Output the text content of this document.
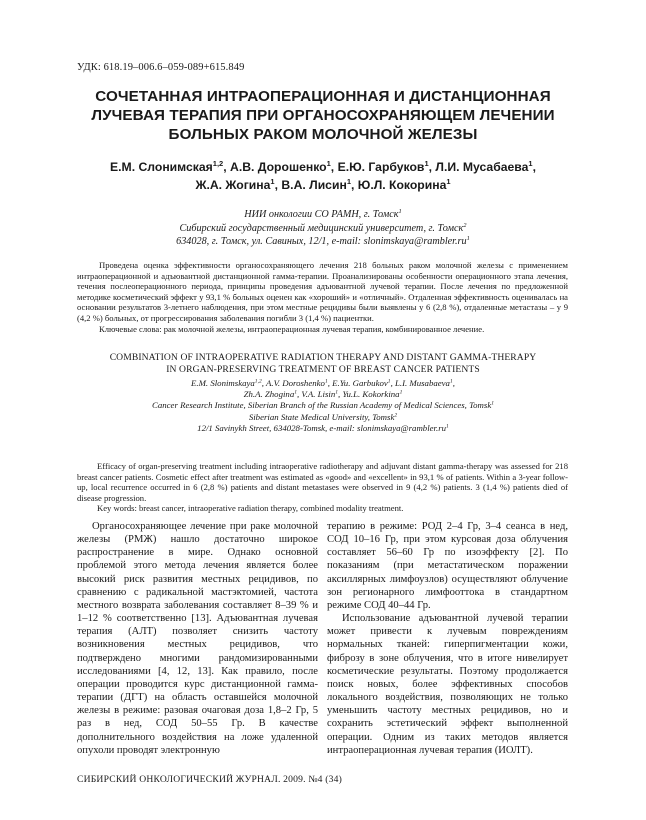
УДК: 618.19–006.6–059-089+615.849
СОЧЕТАННАЯ ИНТРАОПЕРАЦИОННАЯ И ДИСТАНЦИОННАЯ
ЛУЧЕВАЯ ТЕРАПИЯ ПРИ ОРГАНОСОХРАНЯЮЩЕМ ЛЕЧЕНИИ
БОЛЬНЫХ РАКОМ МОЛОЧНОЙ ЖЕЛЕЗЫ
Е.М. Слонимская$^{1,2}$, А.В. Дорошенко$^1$, Е.Ю. Гарбуков$^1$, Л.И. Мусабаева$^1$,
Ж.А. Жогина$^1$, В.А. Лисин$^1$, Ю.Л. Кокорина$^1$
НИИ онкологии СО РАМН, г. Томск$^1$
Сибирский государственный медицинский университет, г. Томск$^2$
634028, г. Томск, ул. Савиных, 12/1, e-mail: $slonimskaya@rambler.ru^1$

Проведена оценка эффективности органосохраняющего лечения 218 больных раком молочной железы с применением интраоперационной и адъювантной дистанционной гамма-терапии. Проанализированы особенности операционного этапа лечения, течения послеоперационного периода, принципы проведения адъювантной лучевой терапии. После лечения по предложенной методике косметический эффект у 93,1 % больных оценен как «хороший» и «отличный». Отдаленная эффективность оценивалась на основании результатов 3-летнего наблюдения, при этом местные рецидивы были выявлены у 6 (2,8 %), отдаленные метастазы – у 9 (4,2 %) больных, от прогрессирования заболевания погибли 3 (1,4 %) пациентки.

Ключевые слова: рак молочной железы, интраоперационная лучевая терапия, комбинированное лечение.

COMBINATION OF INTRAOPERATIVE RADIATION THERAPY AND DISTANT GAMMA-THERAPY
IN ORGAN-PRESERVING TREATMENT OF BREAST CANCER PATIENTS
E.M. Slonimskaya$^{1,2}$, A.V. Doroshenko$^1$, E.Yu. Garbukov$^1$, L.I. Musabaeva$^1$,
Zh.A. Zhogina$^1$, V.A. Lisin$^1$, Yu.L. Kokorkina$^1$
Cancer Research Institute, Siberian Branch of the Russian Academy of Medical Sciences, Tomsk$^1$
Siberian State Medical University, Tomsk$^2$
12/1 Savinykh Street, 634028-Tomsk, e-mail: $slonimskaya@rambler.ru^1$

Efficacy of organ-preserving treatment including intraoperative radiotherapy and adjuvant distant gamma-therapy was assessed for 218 breast cancer patients. Cosmetic effect after treatment was estimated as «good» and «excellent» in 93,1 % of patients. Within a 3-year follow-up, local recurrence occurred in 6 (2,8 %) patients and distant metastases were observed in 9 (4,2 %) patients. 3 (1,4 %) patients died of disease progression.

Key words: breast cancer, intraoperative radiation therapy, combined modality treatment.

Органосохраняющее лечение при раке молочной железы (РМЖ) нашло достаточно широкое распространение в мире. Однако основной проблемой этого метода лечения является более высокий риск развития местных рецидивов, по сравнению с радикальной мастэктомией, частота местного возврата заболевания составляет 8–39 % и 1–12 % соответственно [13]. Адъювантная лучевая терапия (АЛТ) позволяет снизить частоту возникновения местных рецидивов, что подтверждено многими рандомизированными исследованиями [4, 12, 13]. Как правило, после операции проводится курс дистанционной гамма-терапии (ДГТ) на область оставшейся молочной железы в режиме: разовая очаговая доза 1,8–2 Гр, 5 раз в нед, СОД 50–55 Гр. В качестве дополнительного воздействия на ложе удаленной опухоли проводят электронную

терапию в режиме: РОД 2–4 Гр, 3–4 сеанса в нед, СОД 10–16 Гр, при этом курсовая доза облучения составляет 56–60 Гр по изоэффекту [2]. По показаниям (при метастатическом поражении аксиллярных лимфоузлов) осуществляют облучение зон регионарного лимфооттока в стандартном режиме СОД 40–44 Гр.

Использование адъювантной лучевой терапии может привести к лучевым повреждениям нормальных тканей: гиперпигментации кожи, фиброзу в зоне облучения, что в итоге нивелирует косметические результаты. Поэтому продолжается поиск новых, более эффективных способов локального воздействия, позволяющих не только уменьшить частоту местных рецидивов, но и сохранить эстетический эффект выполненной операции. Одним из таких методов является интраоперационная лучевая терапия (ИОЛТ).

СИБИРСКИЙ ОНКОЛОГИЧЕСКИЙ ЖУРНАЛ. 2009. №4 (34)
